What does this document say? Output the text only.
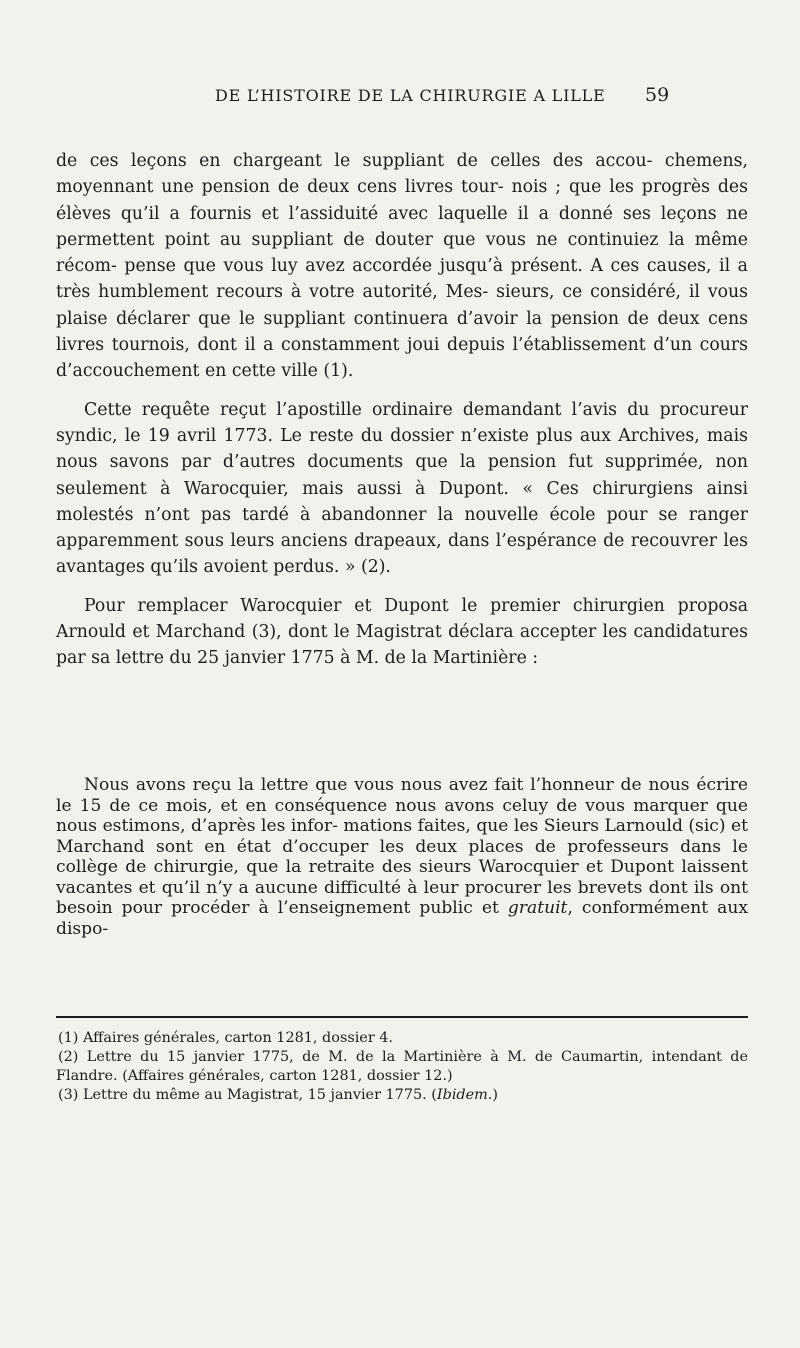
DE L’HISTOIRE DE LA CHIRURGIE A LILLE 59

de ces leçons en chargeant le suppliant de celles des accou- chemens, moyennant une pension de deux cens livres tour- nois ; que les progrès des élèves qu’il a fournis et l’assiduité avec laquelle il a donné ses leçons ne permettent point au suppliant de douter que vous ne continuiez la même récom- pense que vous luy avez accordée jusqu’à présent. A ces causes, il a très humblement recours à votre autorité, Mes- sieurs, ce considéré, il vous plaise déclarer que le suppliant continuera d’avoir la pension de deux cens livres tournois, dont il a constamment joui depuis l’établissement d’un cours d’accouchement en cette ville (1).

Cette requête reçut l’apostille ordinaire demandant l’avis du procureur syndic, le 19 avril 1773. Le reste du dossier n’existe plus aux Archives, mais nous savons par d’autres documents que la pension fut supprimée, non seulement à Warocquier, mais aussi à Dupont. « Ces chirurgiens ainsi molestés n’ont pas tardé à abandonner la nouvelle école pour se ranger apparemment sous leurs anciens drapeaux, dans l’espérance de recouvrer les avantages qu’ils avoient perdus. » (2).

Pour remplacer Warocquier et Dupont le premier chirurgien proposa Arnould et Marchand (3), dont le Magistrat déclara accepter les candidatures par sa lettre du 25 janvier 1775 à M. de la Martinière :

Nous avons reçu la lettre que vous nous avez fait l’honneur de nous écrire le 15 de ce mois, et en conséquence nous avons celuy de vous marquer que nous estimons, d’après les infor- mations faites, que les Sieurs Larnould (sic) et Marchand sont en état d’occuper les deux places de professeurs dans le collège de chirurgie, que la retraite des sieurs Warocquier et Dupont laissent vacantes et qu’il n’y a aucune difficulté à leur procurer les brevets dont ils ont besoin pour procéder à l’enseignement public et gratuit, conformément aux dispo-

(1) Affaires générales, carton 1281, dossier 4.

(2) Lettre du 15 janvier 1775, de M. de la Martinière à M. de Caumartin, intendant de Flandre. (Affaires générales, carton 1281, dossier 12.)

(3) Lettre du même au Magistrat, 15 janvier 1775. (Ibidem.)
